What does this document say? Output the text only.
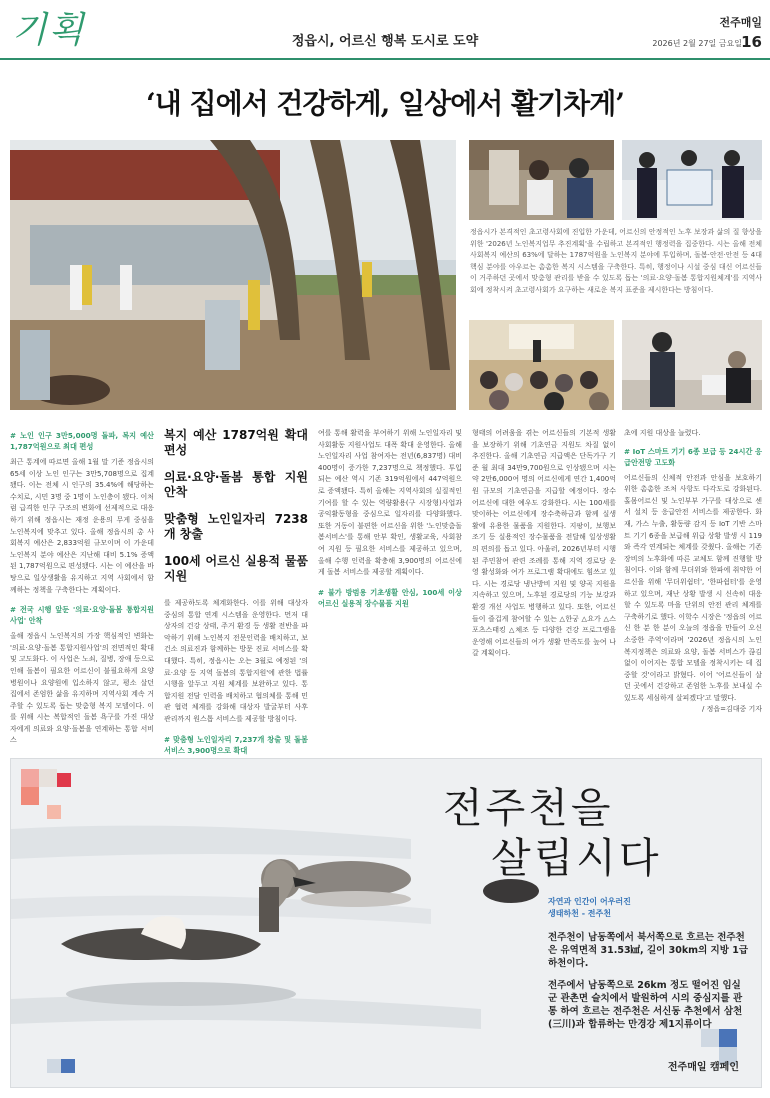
기획	정읍시, 어르신 행복 도시로 도약
전주매일
2026년 2월 27일 금요일 16
‘내 집에서 건강하게, 일상에서 활기차게’

정읍시가 본격적인 초고령사회에 진입한 가운데, 어르신의 안정적인 노후 보장과 삶의 질 향상을 위한 '2026년 노인복지업무 추진계획'을 수립하고 본격적인 행정력을 집중한다. 시는 올해 전체 사회복지 예산의 63%에 달하는 1787억원을 노인복지 분야에 투입하며, 돌봄·안전·안전 등 4대 핵심 분야를 아우르는 촘촘한 복지 시스템을 구축한다. 특히, 행정이나 시설 중심 대신 어르신들이 거주하던 곳에서 맞춤형 관리를 받을 수 있도록 돕는 '의료·요양·돌봄 통합지원체계'를 지역사회에 정착시켜 초고령사회가 요구하는 새로운 복지 표준을 제시한다는 방침이다.

# 노인 인구 3만5,000명 돌파, 복지 예산 1,787억원으로 최대 편성

최근 통계에 따르면 올해 1월 말 기준 정읍시의 65세 이상 노인 인구는 3만5,708명으로 집계됐다. 이는 전체 시 인구의 35.4%에 해당하는 수치로, 시민 3명 중 1명이 노인층이 됐다. 이처럼 급격한 인구 구조의 변화에 선제적으로 대응하기 위해 정읍시는 재정 운용의 무게 중심을 노인복지에 맞추고 있다. 올해 정읍시의 총 사회복지 예산은 2,833억원 규모이며 이 가운데 노인복지 분야 예산은 지난해 대비 5.1% 증액된 1,787억원으로 편성됐다. 시는 이 예산을 바탕으로 일상생활을 유지하고 지역 사회에서 함께하는 정책을 구축한다는 계획이다.

# 전국 시행 앞둔 '의료·요양·돌봄 통합지원사업' 안착

올해 정읍시 노인복지의 가장 핵심적인 변화는 '의료·요양·돌봄 통합지원사업'의 전면적인 확대 및 고도화다. 이 사업은 노쇠, 질병, 장애 등으로 인해 돌봄이 필요한 어르신이 불필요하게 요양병원이나 요양원에 입소하지 않고, 평소 살던 집에서 존엄한 삶을 유지하며 지역사회 계속 거주할 수 있도록 돕는 맞춤형 복지 모델이다. 이를 위해 시는 복합적인 돌봄 욕구를 가진 대상자에게 의료와 요양·돌봄을 연계하는 통합 서비스

복지 예산 1787억원 확대 편성
의료·요양·돌봄 통합 지원 안착
맞춤형 노인일자리 7238개 창출
100세 어르신 실용적 물품 지원

를 제공하도록 체계화한다. 이를 위해 대상자 중심의 통합 연계 시스템을 운영한다. 먼저 대상자의 건강 상태, 주거 환경 등 생활 전반을 파악하기 위해 노인복지 전문인력을 배치하고, 보건소 의료진과 함께하는 방문 진료 서비스를 확대했다. 특히, 정읍시는 오는 3월로 예정된 '의료·요양 등 지역 돌봄의 통합지원'에 관한 법률 시행을 앞두고 지원 체계를 보완하고 있다. 통합지원 전담 인력을 배치하고 협의체를 통해 민관 협력 체계를 강화해 대상자 발굴부터 사후 관리까지 원스톱 서비스를 제공할 방침이다.

# 맞춤형 노인일자리 7,237개 창출 및 돌봄 서비스 3,900명으로 확대

여를 통해 활력을 부여하기 위해 노인일자리 및 사회활동 지원사업도 대폭 확대 운영한다. 올해 노인일자리 사업 참여자는 전년(6,837명) 대비 400명이 증가한 7,237명으로 책정했다. 투입되는 예산 역시 기존 319억원에서 447억원으로 증액됐다. 특히 올해는 지역사회의 실질적인 기여를 할 수 있는 역량활용(구 시장형)사업과 공익활동형을 중심으로 일자리를 다양화했다. 또한 거동이 불편한 어르신을 위한 '노인맞춤돌봄서비스'를 통해 안부 확인, 생활교육, 사회참여 지원 등 필요한 서비스를 제공하고 있으며, 올해 수행 인력을 확충해 3,900명의 어르신에게 돌봄 서비스를 제공할 계획이다.

# 불가 방범용 기초생활 안심, 100세 이상 어르신 실용적 장수물품 지원

형태의 어려움을 겪는 어르신들의 기본적 생활을 보장하기 위해 기초연금 지원도 차질 없이 추진한다. 올해 기초연금 지급액은 단독가구 기준 월 최대 34만9,700원으로 인상됐으며 시는 약 2만6,000여 명의 어르신에게 연간 1,400억원 규모의 기초연금을 지급할 예정이다. 장수 어르신에 대한 예우도 강화한다. 시는 100세를 맞이하는 어르신에게 장수축하금과 함께 실생활에 유용한 물품을 지원한다. 지팡이, 보행보조기 등 실용적인 장수물품을 전달해 일상생활의 편의를 돕고 있다. 아울러, 2026년부터 시행된 주민참여 관련 조례를 통해 지역 경로당 운영 활성화와 여가 프로그램 확대에도 힘쓰고 있다. 시는 경로당 냉난방비 지원 및 양곡 지원을 지속하고 있으며, 노후된 경로당의 기능 보강과 환경 개선 사업도 병행하고 있다. 또한, 어르신들이 즐겁게 참여할 수 있는 △한궁 △요가 △스포츠스태킹 △체조 등 다양한 건강 프로그램을 운영해 어르신들의 여가 생활 만족도를 높여 나갈 계획이다.

초에 지원 대상을 늘렸다.

# IoT 스마트 기기 6종 보급 등 24시간 응급안전망 고도화

어르신들의 신체적 안전과 안심을 보호하기 위한 촘촘한 조처 사항도 다각도로 강화된다. 홀몸어르신 및 노인부부 가구를 대상으로 센서 설치 등 응급안전 서비스를 제공한다. 화재, 가스 누출, 활동량 감지 등 IoT 기반 스마트 기기 6종을 보급해 위급 상황 발생 시 119와 즉각 연계되는 체계를 갖췄다. 올해는 기존 장비의 노후화에 따른 교체도 함께 진행할 방침이다. 이와 함께 무더위와 한파에 취약한 어르신을 위해 '무더위쉼터', '한파쉼터'를 운영하고 있으며, 재난 상황 발생 시 신속히 대응할 수 있도록 마을 단위의 안전 관리 체계를 구축하기로 했다. 이학수 시장은 '정읍의 어르신 한 분 한 분이 오늘의 정읍을 만들어 오신 소중한 주역'이라며 '2026년 정읍시의 노인복지정책은 의료와 요양, 돌봄 서비스가 끊김 없이 이어지는 통합 모델을 정착시키는 데 집중할 것'이라고 밝혔다. 이어 '어르신들이 살던 곳에서 건강하고 존엄한 노후를 보내실 수 있도록 세심하게 살피겠다'고 말했다.

/ 정읍=김대중 기자
전주천을
살립시다
자연과 인간이 어우러진
생태하천 - 전주천

전주천이 남동쪽에서 북서쪽으로 흐르는 전주천은 유역면적 31.53㎢, 길이 30km의 지방 1급 하천이다.

전주에서 남동쪽으로 26km 정도 떨어진 임실군 관촌면 슬치에서 발원하여 시의 중심지를 관통 하여 흐르는 전주천은 서신동 추천에서 삼천(三川)과 합류하는 만경강 제1지류이다

전주매일 캠페인
